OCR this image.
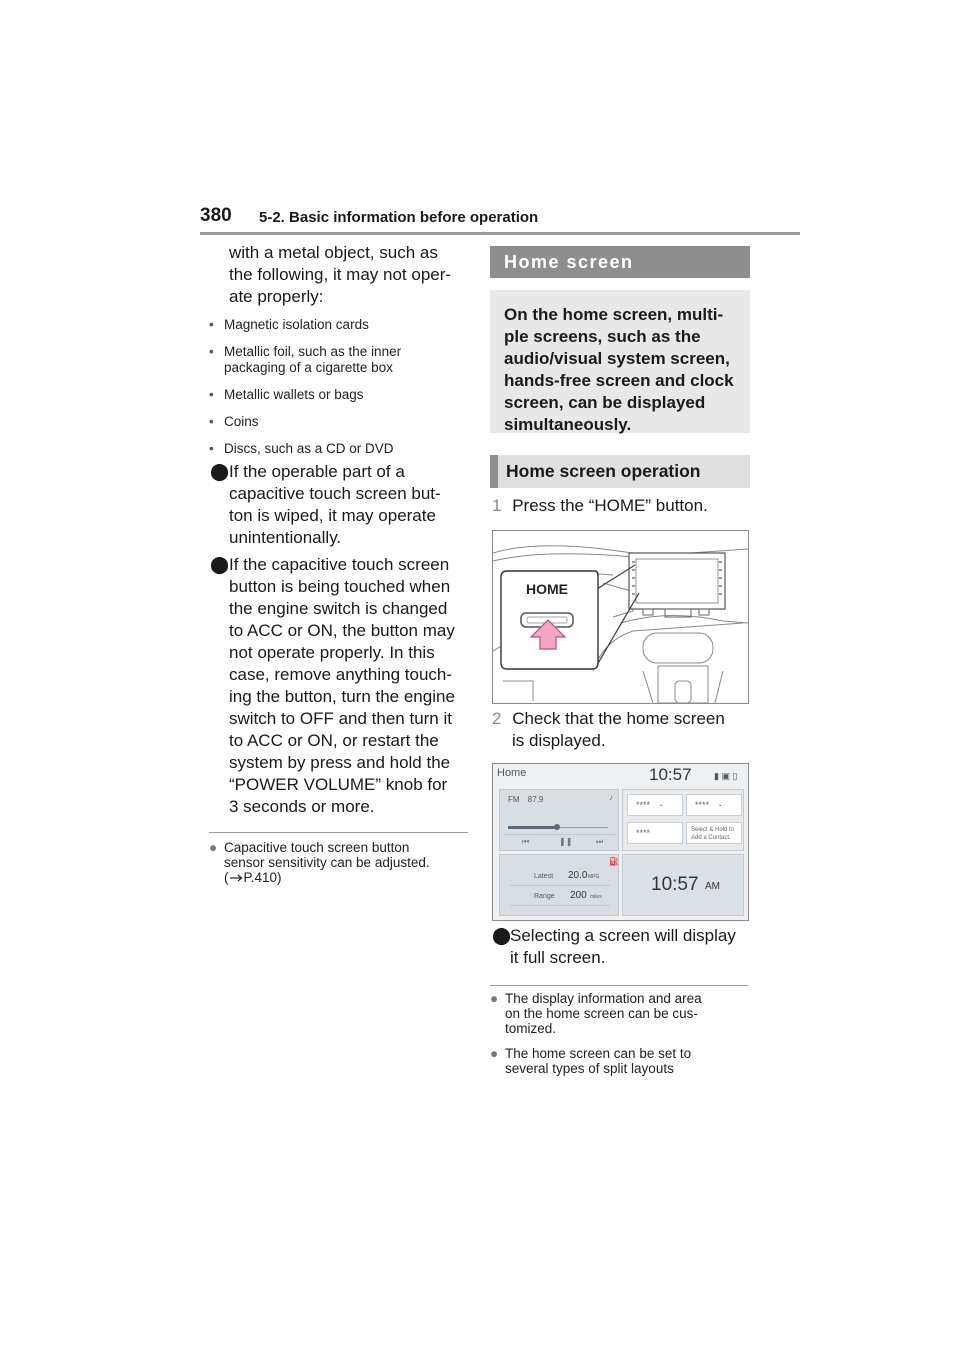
380 5-2. Basic information before operation
with a metal object, such as
the following, it may not oper-
ate properly:
• Magnetic isolation cards
• Metallic foil, such as the inner
packaging of a cigarette box
• Metallic wallets or bags
• Coins
• Discs, such as a CD or DVD
⬤ If the operable part of a
capacitive touch screen but-
ton is wiped, it may operate
unintentionally.
⬤ If the capacitive touch screen
button is being touched when
the engine switch is changed
to ACC or ON, the button may
not operate properly. In this
case, remove anything touch-
ing the button, turn the engine
switch to OFF and then turn it
to ACC or ON, or restart the
system by press and hold the
“POWER VOLUME” knob for
3 seconds or more.
● Capacitive touch screen button
sensor sensitivity can be adjusted.
( P.410)
Home screen
On the home screen, multi-
ple screens, such as the
audio/visual system screen,
hands-free screen and clock
screen, can be displayed
simultaneously.
Home screen operation
1 Press the “HOME” button.
HOME
2 Check that the home screen
is displayed.
Home	10:57 ▮ ▣ ▯
FM 87.9	♪
⏮	❚❚	⏭
**** ◔	**** ◔
****	Select & Hold to
Add a Contact.
⛽
Latest 20.0 MPG
Range 200 miles
10:57 AM
⬤
Selecting a screen will display
it full screen.
● The display information and area
on the home screen can be cus-
tomized.
● The home screen can be set to
several types of split layouts
